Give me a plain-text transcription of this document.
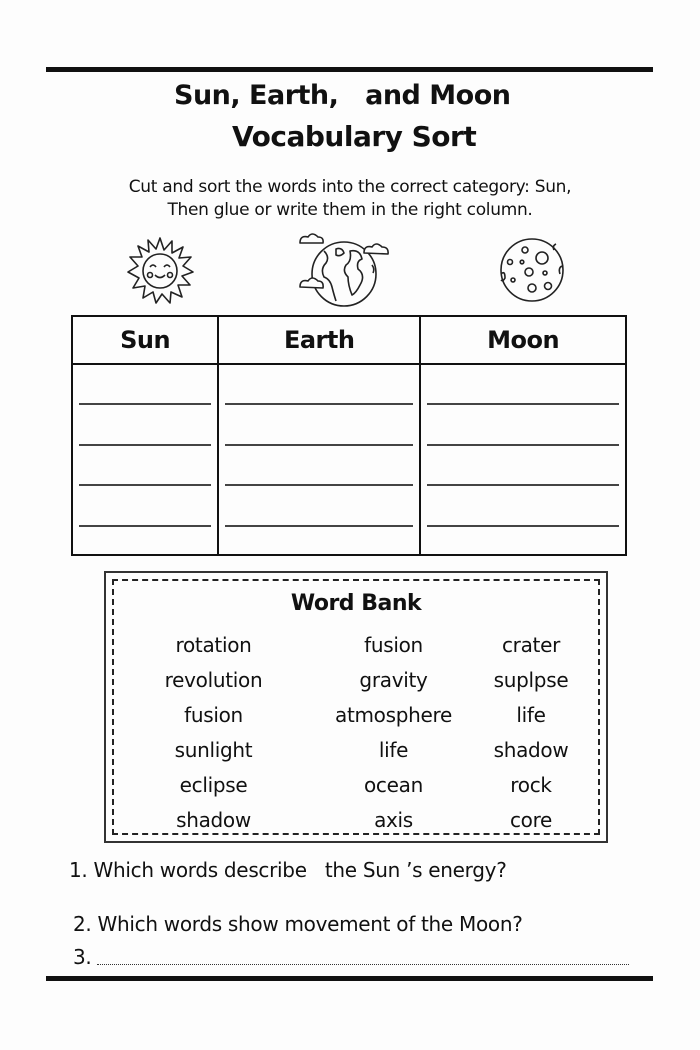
Sun, Earth,   and Moon
Vocabulary Sort
Cut and sort the words into the correct category: Sun,
Then glue or write them in the right column.
Sun	Earth	Moon

Word Bank
rotation	fusion	crater
revolution	gravity	suplpse
fusion	atmosphere	life
sunlight	life	shadow
eclipse	ocean	rock
shadow	axis	core
1. Which words describe   the Sun ’s energy?
2. Which words show movement of the Moon?
3.
